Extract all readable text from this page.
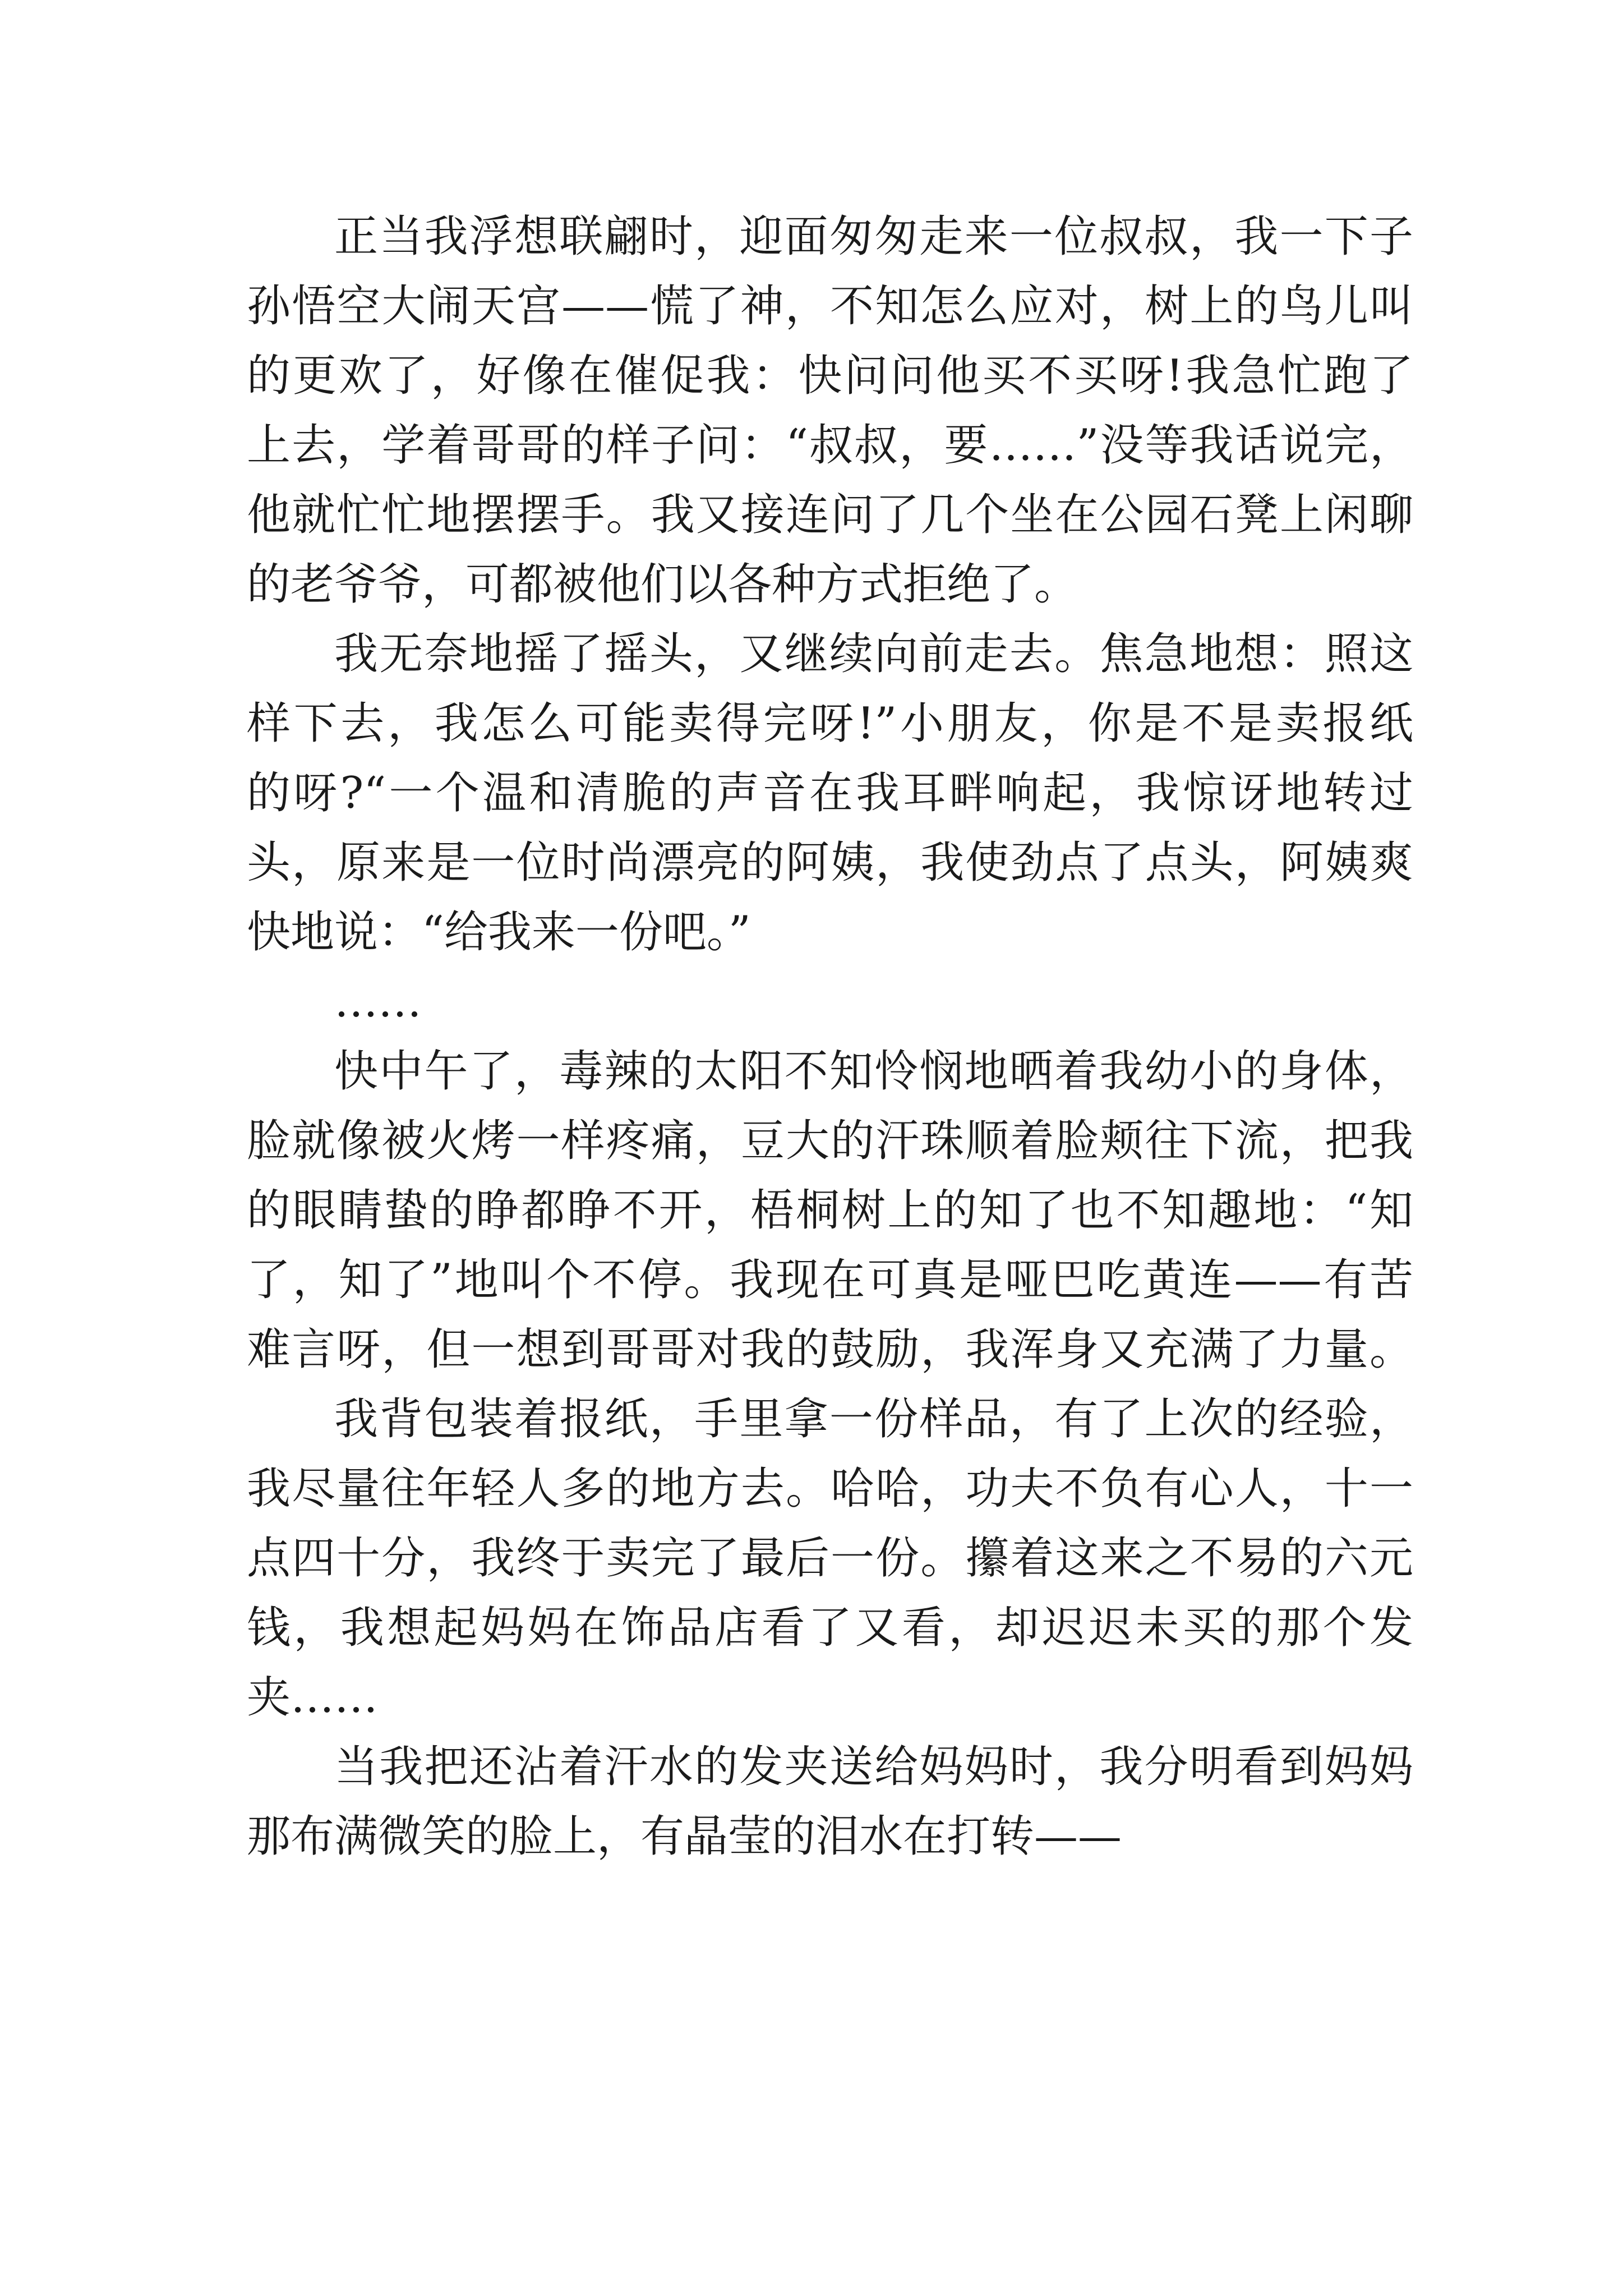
正当我浮想联翩时，迎面匆匆走来一位叔叔，我一下子
孙悟空大闹天宫——慌了神，不知怎么应对，树上的鸟儿叫
的更欢了，好像在催促我：快问问他买不买呀!我急忙跑了
上去，学着哥哥的样子问：“叔叔，要……”没等我话说完，
他就忙忙地摆摆手。我又接连问了几个坐在公园石凳上闲聊
的老爷爷，可都被他们以各种方式拒绝了。
我无奈地摇了摇头，又继续向前走去。焦急地想：照这
样下去，我怎么可能卖得完呀!”小朋友，你是不是卖报纸
的呀?“一个温和清脆的声音在我耳畔响起，我惊讶地转过
头，原来是一位时尚漂亮的阿姨，我使劲点了点头，阿姨爽
快地说：“给我来一份吧。”
……
快中午了，毒辣的太阳不知怜悯地晒着我幼小的身体，
脸就像被火烤一样疼痛，豆大的汗珠顺着脸颊往下流，把我
的眼睛蛰的睁都睁不开，梧桐树上的知了也不知趣地：“知
了，知了”地叫个不停。我现在可真是哑巴吃黄连——有苦
难言呀，但一想到哥哥对我的鼓励，我浑身又充满了力量。
我背包装着报纸，手里拿一份样品，有了上次的经验，
我尽量往年轻人多的地方去。哈哈，功夫不负有心人，十一
点四十分，我终于卖完了最后一份。攥着这来之不易的六元
钱，我想起妈妈在饰品店看了又看，却迟迟未买的那个发
夹……
当我把还沾着汗水的发夹送给妈妈时，我分明看到妈妈
那布满微笑的脸上，有晶莹的泪水在打转——
